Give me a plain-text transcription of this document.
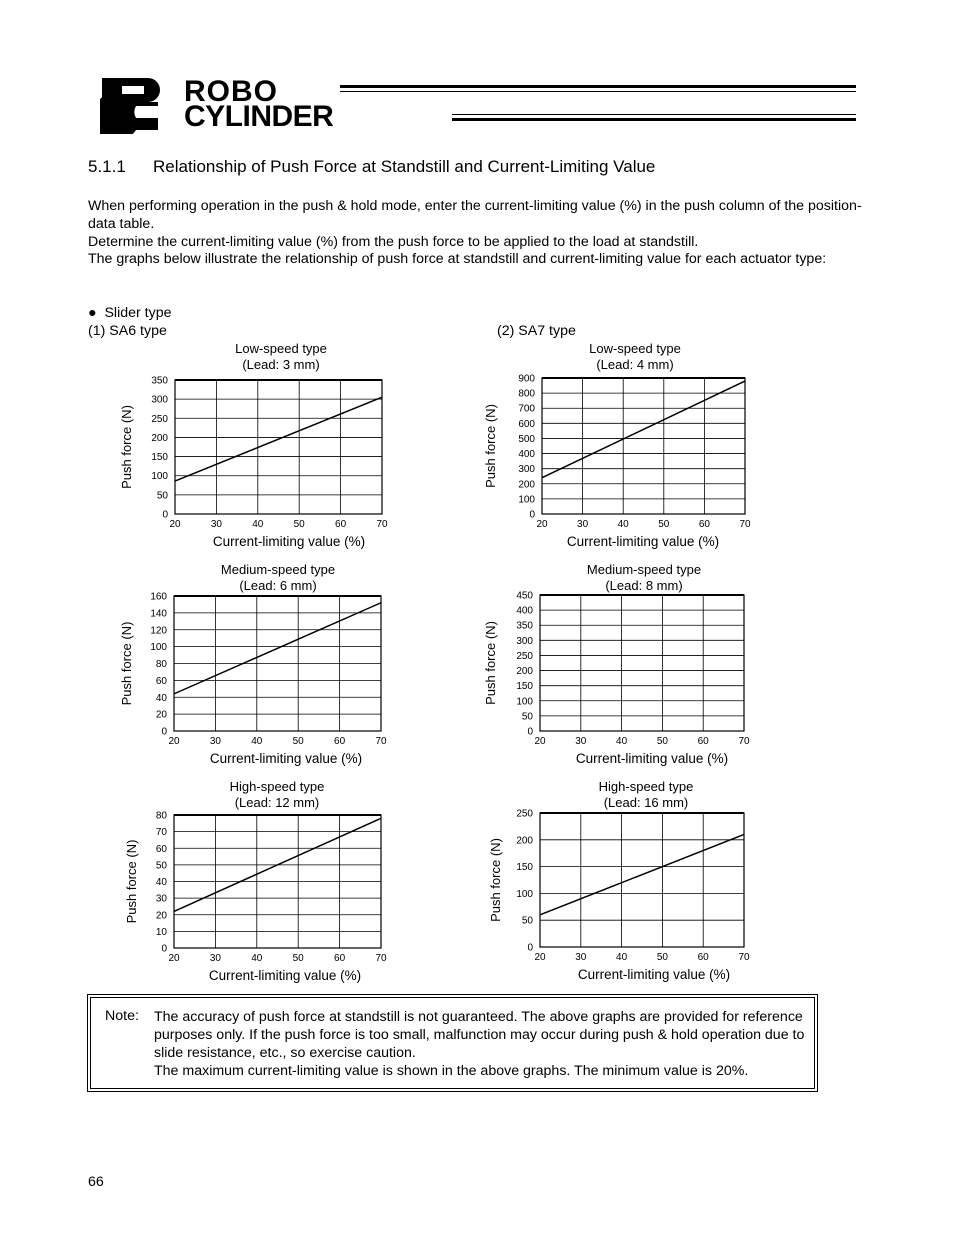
ROBO
CYLINDER
5.1.1 Relationship of Push Force at Standstill and Current-Limiting Value
When performing operation in the push & hold mode, enter the current-limiting value (%) in the push column of the position-data table.
Determine the current-limiting value (%) from the push force to be applied to the load at standstill.
The graphs below illustrate the relationship of push force at standstill and current-limiting value for each actuator type:
● Slider type
(1) SA6 type	(2) SA7 type
Low-speed type
(Lead: 3 mm)
20	30	40	50	60	70
0
50
100
150
200
250
300
350
Current-limiting value (%)
Push force (N)
Low-speed type
(Lead: 4 mm)
20	30	40	50	60	70
0
100
200
300
400
500
600
700
800
900
Current-limiting value (%)
Push force (N)
Medium-speed type
(Lead: 6 mm)
20	30	40	50	60	70
0
20
40
60
80
100
120
140
160
Current-limiting value (%)
Push force (N)
Medium-speed type
(Lead: 8 mm)
20	30	40	50	60	70
0
50
100
150
200
250
300
350
400
450
Current-limiting value (%)
Push force (N)
High-speed type
(Lead: 12 mm)
20	30	40	50	60	70
0
10
20
30
40
50
60
70
80
Current-limiting value (%)
Push force (N)
High-speed type
(Lead: 16 mm)
20	30	40	50	60	70
0
50
100
150
200
250
Current-limiting value (%)
Push force (N)
Note: The accuracy of push force at standstill is not guaranteed. The above graphs are provided for reference purposes only. If the push force is too small, malfunction may occur during push & hold operation due to slide resistance, etc., so exercise caution.
The maximum current-limiting value is shown in the above graphs. The minimum value is 20%.
66
